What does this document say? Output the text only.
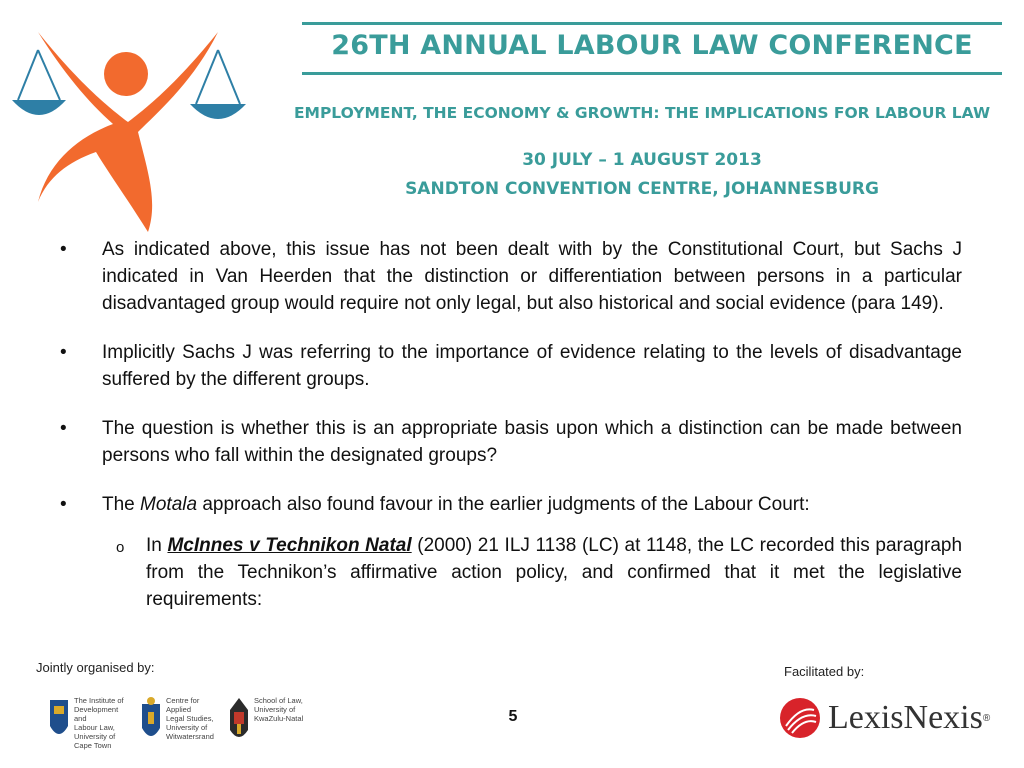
26TH ANNUAL LABOUR LAW CONFERENCE
EMPLOYMENT, THE ECONOMY & GROWTH: THE IMPLICATIONS FOR LABOUR LAW
30 JULY – 1 AUGUST 2013
SANDTON CONVENTION CENTRE, JOHANNESBURG
•	As indicated above, this issue has not been dealt with by the Constitutional Court, but Sachs J indicated in Van Heerden that the distinction or differentiation between persons in a particular disadvantaged group would require not only legal, but also historical and social evidence (para 149).
•	Implicitly Sachs J was referring to the importance of evidence relating to the levels of disadvantage suffered by the different groups.
•	The question is whether this is an appropriate basis upon which a distinction can be made between persons who fall within the designated groups?
•	The Motala approach also found favour in the earlier judgments of the Labour Court:
o	In McInnes v Technikon Natal (2000) 21 ILJ 1138 (LC) at 1148, the LC recorded this paragraph from the Technikon’s affirmative action policy, and confirmed that it met the legislative requirements:
Jointly organised by:
The Institute of
Development and
Labour Law,
University of
Cape Town
Centre for Applied
Legal Studies,
University of
Witwatersrand
School of Law,
University of
KwaZulu-Natal	5
Facilitated by:
LexisNexis ®
